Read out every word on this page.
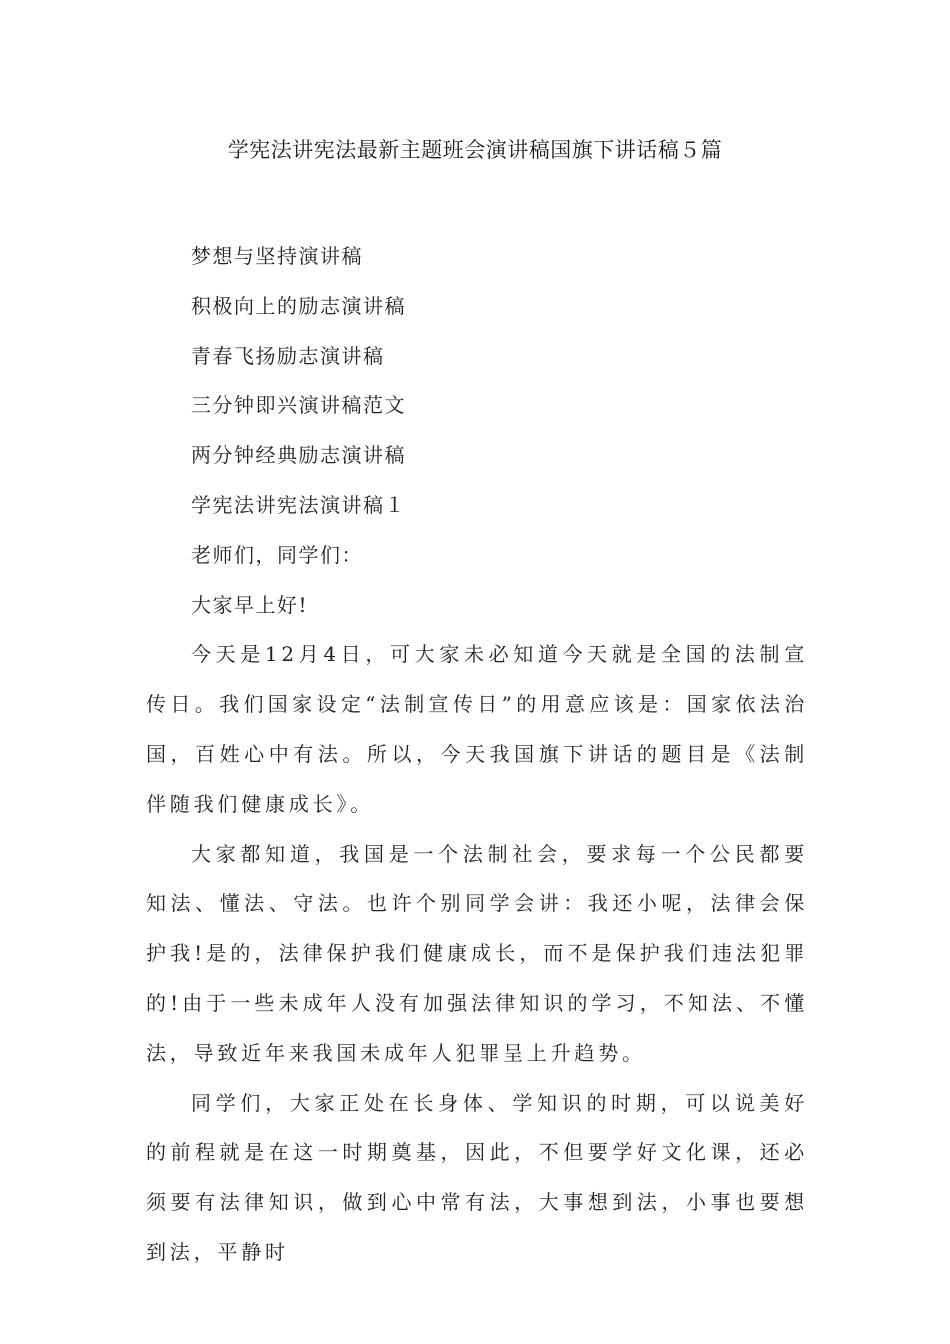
学宪法讲宪法最新主题班会演讲稿国旗下讲话稿５篇
梦想与坚持演讲稿
积极向上的励志演讲稿
青春飞扬励志演讲稿
三分钟即兴演讲稿范文
两分钟经典励志演讲稿
学宪法讲宪法演讲稿１
老师们，同学们：
大家早上好!
今天是12月4日，可大家未必知道今天就是全国的法制宣传日。我们国家设定“法制宣传日”的用意应该是：国家依法治国，百姓心中有法。所以，今天我国旗下讲话的题目是《法制伴随我们健康成长》。
大家都知道，我国是一个法制社会，要求每一个公民都要知法、懂法、守法。也许个别同学会讲：我还小呢，法律会保护我!是的，法律保护我们健康成长，而不是保护我们违法犯罪的!由于一些未成年人没有加强法律知识的学习，不知法、不懂法，导致近年来我国未成年人犯罪呈上升趋势。
同学们，大家正处在长身体、学知识的时期，可以说美好的前程就是在这一时期奠基，因此，不但要学好文化课，还必须要有法律知识，做到心中常有法，大事想到法，小事也要想到法，平静时
